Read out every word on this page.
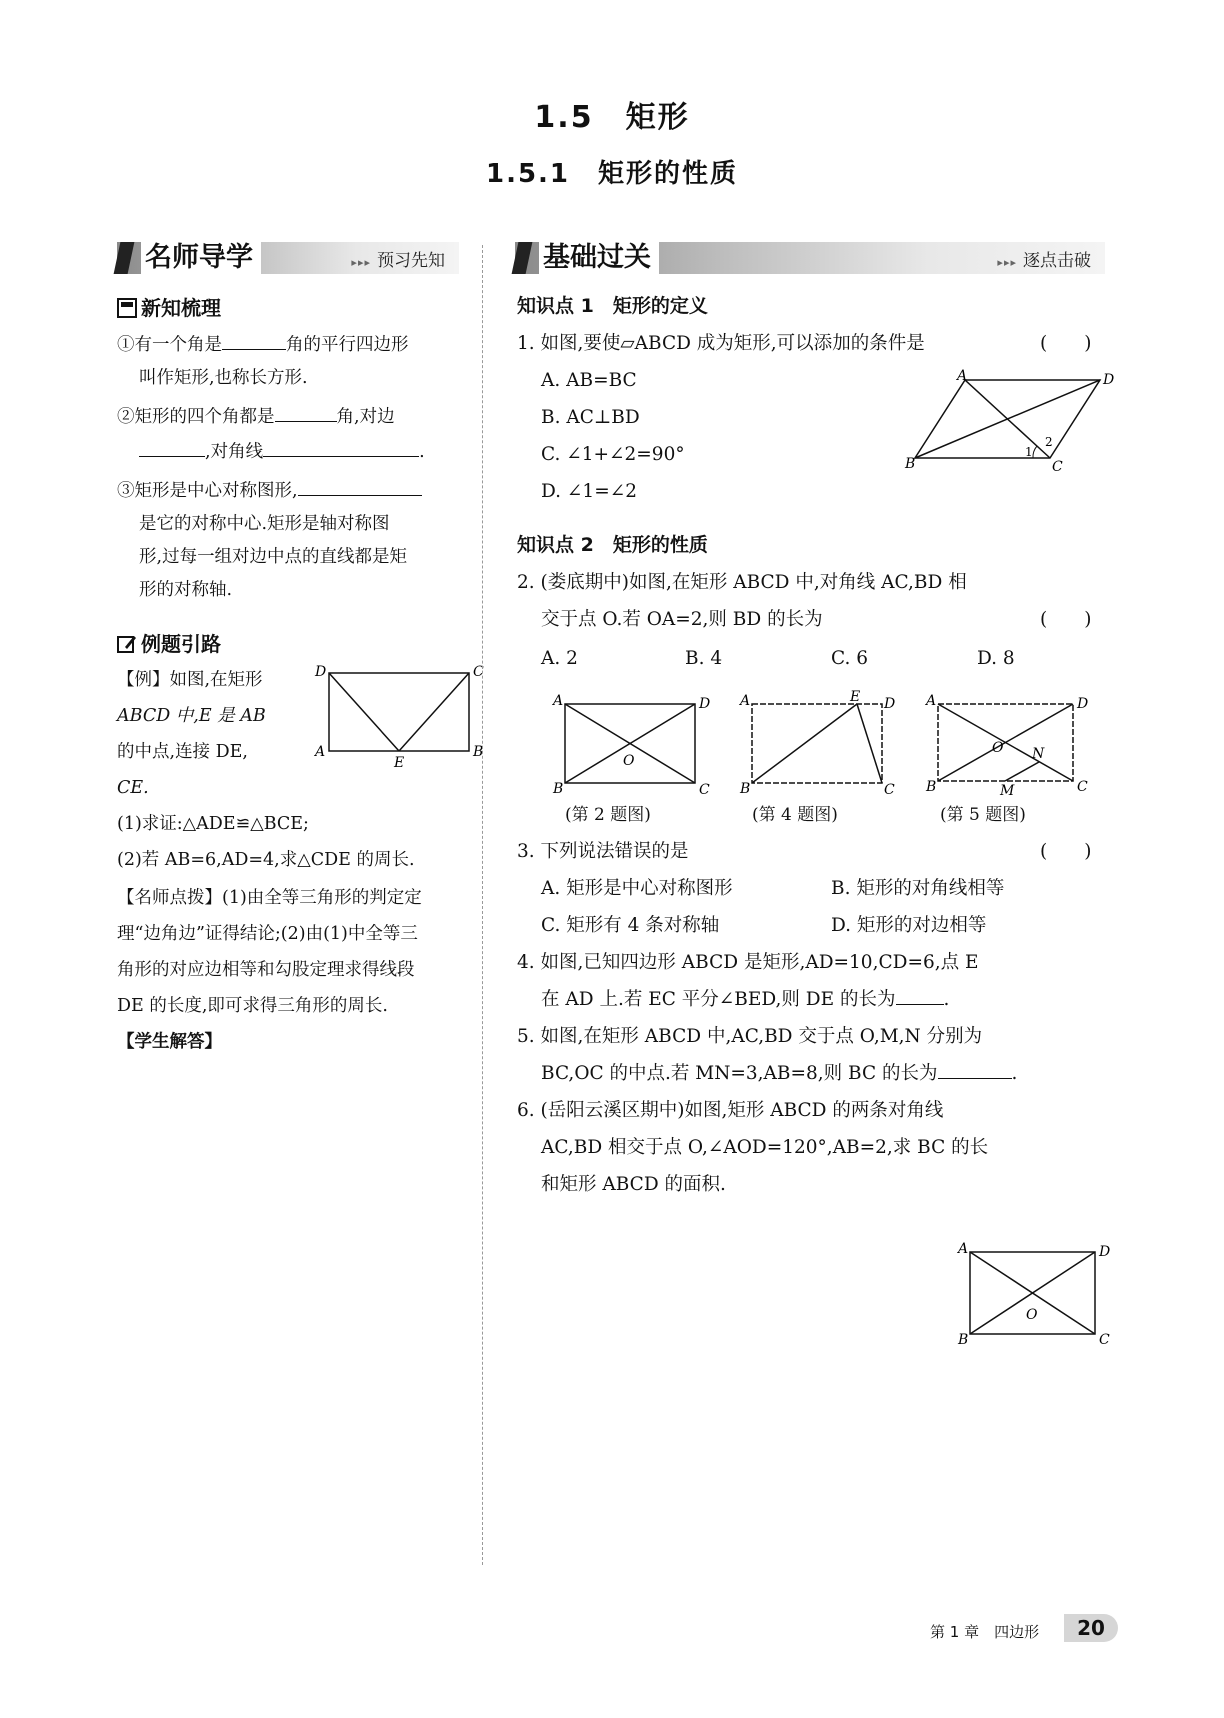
1.5　矩形
1.5.1　矩形的性质
名师导学	▸▸▸ 预习先知
新知梳理
①有一个角是	角的平行四边形
叫作矩形,也称长方形.
②矩形的四个角都是	角,对边
,对角线	.
③矩形是中心对称图形,
是它的对称中心.矩形是轴对称图
形,过每一组对边中点的直线都是矩
形的对称轴.
例题引路
【例】如图,在矩形
ABCD 中,E 是 AB
的中点,连接 DE,
CE.
D	C
A
E
B
(1)求证:△ADE≌△BCE;
(2)若 AB=6,AD=4,求△CDE 的周长.
【名师点拨】(1)由全等三角形的判定定
理“边角边”证得结论;(2)由(1)中全等三
角形的对应边相等和勾股定理求得线段
DE 的长度,即可求得三角形的周长.
【学生解答】
基础过关	▸▸▸ 逐点击破
知识点 1　矩形的定义
1. 如图,要使▱ABCD 成为矩形,可以添加的条件是
A. AB=BC
B. AC⊥BD
C. ∠1+∠2=90°
D. ∠1=∠2
(　　)
A	D
B	C
1
2
知识点 2　矩形的性质
2. (娄底期中)如图,在矩形 ABCD 中,对角线 AC,BD 相
交于点 O.若 OA=2,则 BD 的长为	(　　)
A. 2	B. 4	C. 6	D. 8
A	D
B	C
O
A	E D
B	C
A	D
B	C
O N
M
(第 2 题图)	(第 4 题图)	(第 5 题图)
3. 下列说法错误的是
A. 矩形是中心对称图形	B. 矩形的对角线相等
C. 矩形有 4 条对称轴	D. 矩形的对边相等
4. 如图,已知四边形 ABCD 是矩形,AD=10,CD=6,点 E
在 AD 上.若 EC 平分∠BED,则 DE 的长为	.
5. 如图,在矩形 ABCD 中,AC,BD 交于点 O,M,N 分别为
BC,OC 的中点.若 MN=3,AB=8,则 BC 的长为	.
6. (岳阳云溪区期中)如图,矩形 ABCD 的两条对角线
AC,BD 相交于点 O,∠AOD=120°,AB=2,求 BC 的长
和矩形 ABCD 的面积.
(　　)
A	D
B	C
O
第 1 章　四边形	20
